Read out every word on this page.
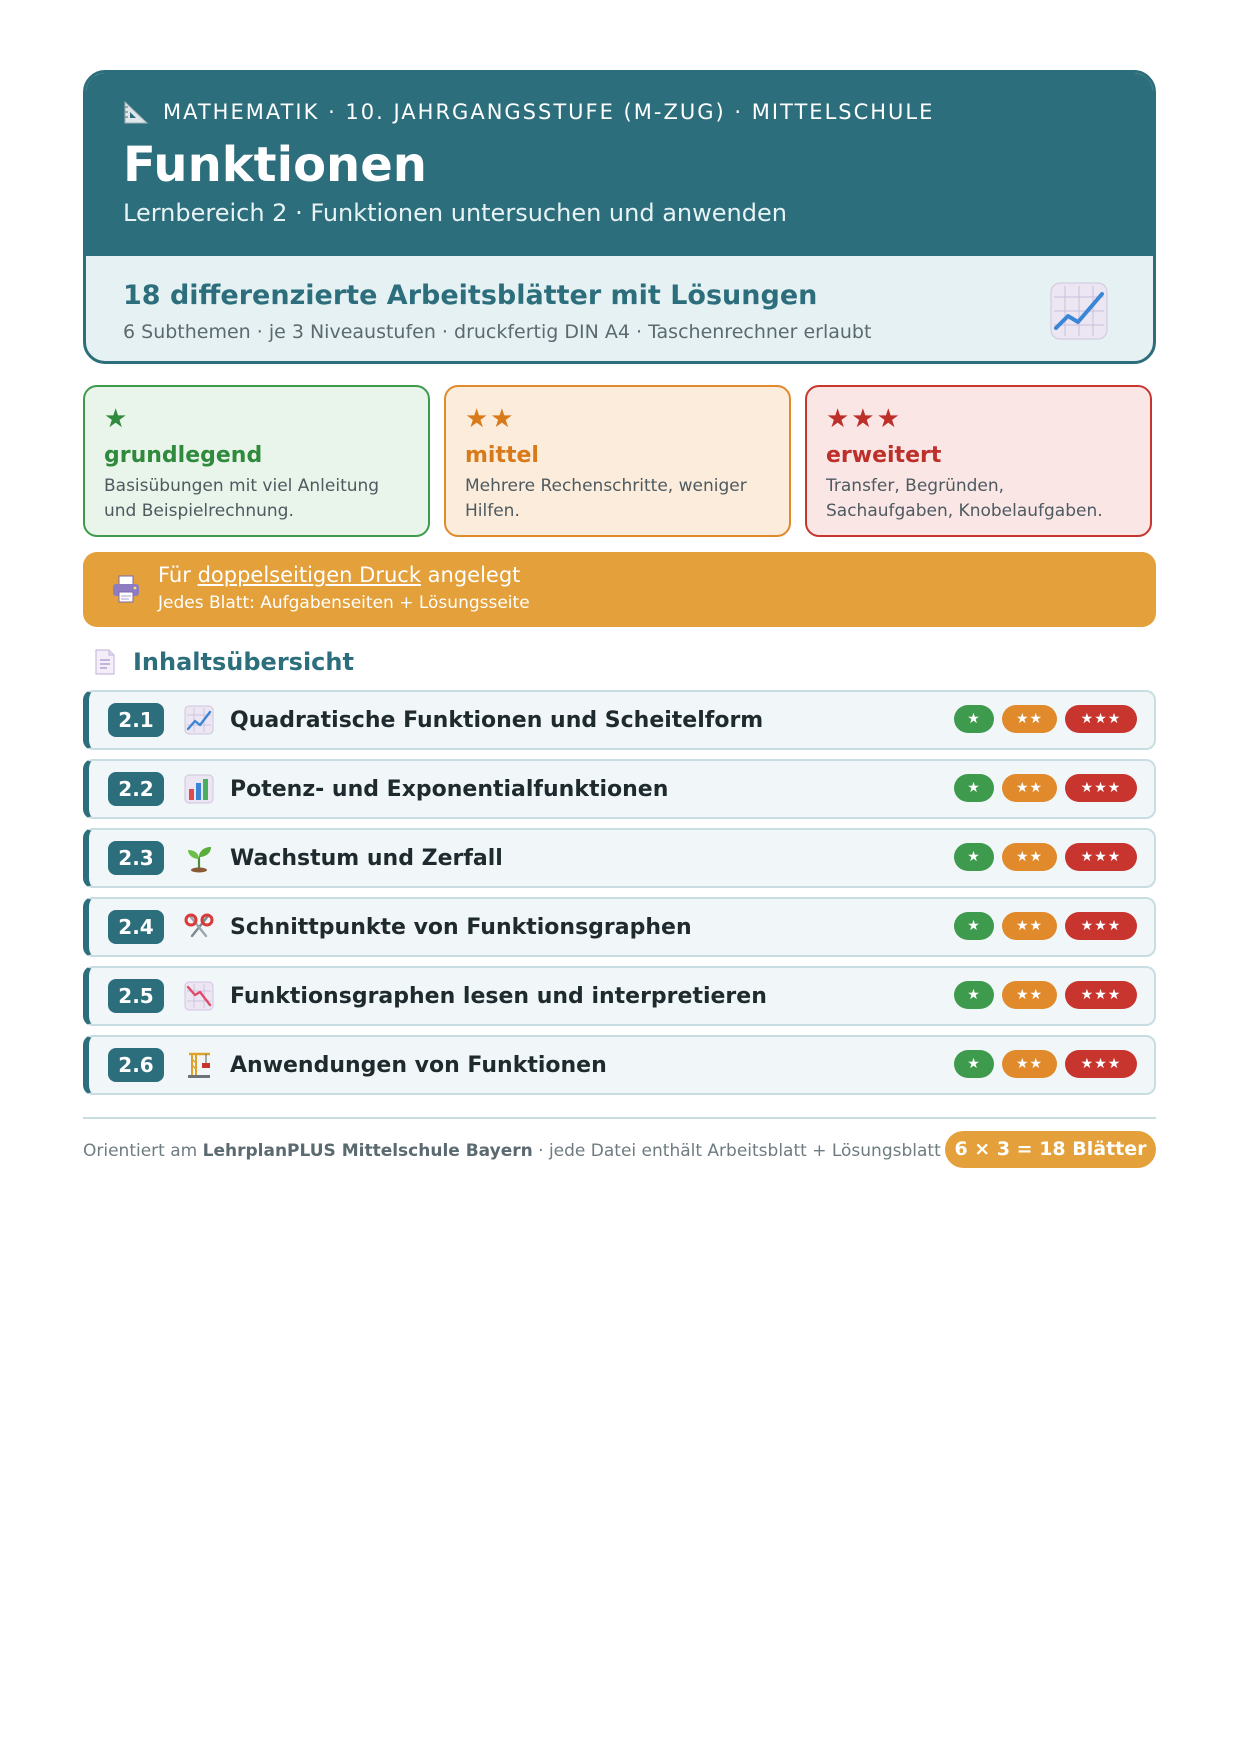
MATHEMATIK · 10. JAHRGANGSSTUFE (M-ZUG) · MITTELSCHULE
Funktionen
Lernbereich 2 · Funktionen untersuchen und anwenden
18 differenzierte Arbeitsblätter mit Lösungen
6 Subthemen · je 3 Niveaustufen · druckfertig DIN A4 · Taschenrechner erlaubt
★
grundlegend
Basisübungen mit viel Anleitung und Beispielrechnung.
★★
mittel
Mehrere Rechenschritte, weniger Hilfen.
★★★
erweitert
Transfer, Begründen, Sachaufgaben, Knobelaufgaben.
Für doppelseitigen Druck angelegt
Jedes Blatt: Aufgabenseiten + Lösungsseite
Inhaltsübersicht
2.1	Quadratische Funktionen und Scheitelform	★	★★	★★★
2.2	Potenz- und Exponentialfunktionen	★	★★	★★★
2.3	Wachstum und Zerfall	★	★★	★★★
2.4	Schnittpunkte von Funktionsgraphen	★	★★	★★★
2.5	Funktionsgraphen lesen und interpretieren	★	★★	★★★
2.6	Anwendungen von Funktionen	★	★★	★★★
Orientiert am LehrplanPLUS Mittelschule Bayern · jede Datei enthält Arbeitsblatt + Lösungsblatt 6 × 3 = 18 Blätter
